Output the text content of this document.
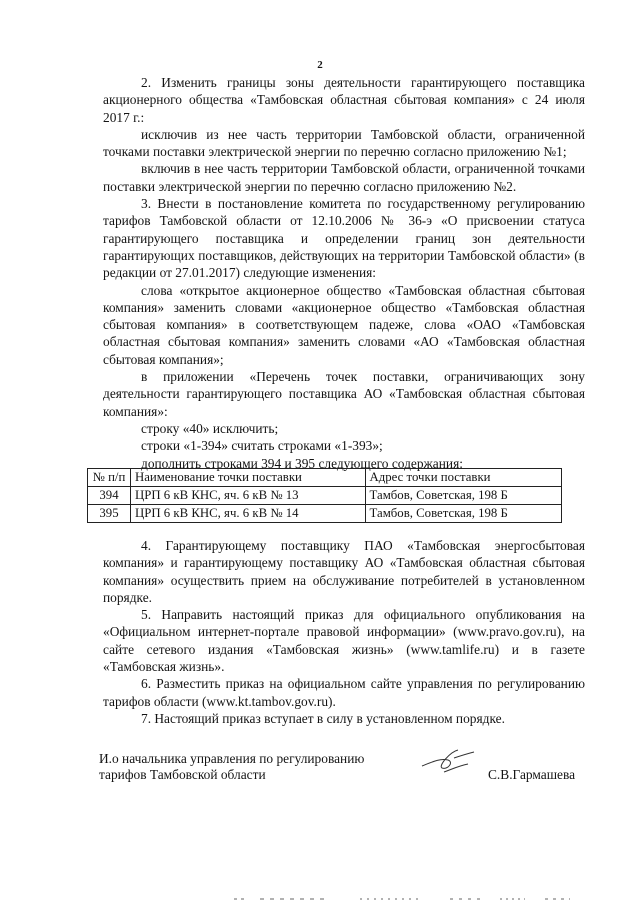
2

2. Изменить границы зоны деятельности гарантирующего поставщика акционерного общества «Тамбовская областная сбытовая компания» с 24 июля 2017 г.:

исключив из нее часть территории Тамбовской области, ограниченной точками поставки электрической энергии по перечню согласно приложению №1;

включив в нее часть территории Тамбовской области, ограниченной точками поставки электрической энергии по перечню согласно приложению №2.

3. Внести в постановление комитета по государственному регулированию тарифов Тамбовской области от 12.10.2006 № 36-э «О присвоении статуса гарантирующего поставщика и определении границ зон деятельности гарантирующих поставщиков, действующих на территории Тамбовской области» (в редакции от 27.01.2017) следующие изменения:

слова «открытое акционерное общество «Тамбовская областная сбытовая компания» заменить словами «акционерное общество «Тамбовская областная сбытовая компания» в соответствующем падеже, слова «ОАО «Тамбовская областная сбытовая компания» заменить словами «АО «Тамбовская областная сбытовая компания»;

в приложении «Перечень точек поставки, ограничивающих зону деятельности гарантирующего поставщика АО «Тамбовская областная сбытовая компания»:

строку «40» исключить;

строки «1-394» считать строками «1-393»;

дополнить строками 394 и 395 следующего содержания:

№ п/п	Наименование точки поставки	Адрес точки поставки
394	ЦРП 6 кВ КНС, яч. 6 кВ № 13	Тамбов, Советская, 198 Б
395	ЦРП 6 кВ КНС, яч. 6 кВ № 14	Тамбов, Советская, 198 Б

4. Гарантирующему поставщику ПАО «Тамбовская энергосбытовая компания» и гарантирующему поставщику АО «Тамбовская областная сбытовая компания» осуществить прием на обслуживание потребителей в установленном порядке.

5. Направить настоящий приказ для официального опубликования на «Официальном интернет-портале правовой информации» (www.pravo.gov.ru), на сайте сетевого издания «Тамбовская жизнь» (www.tamlife.ru) и в газете «Тамбовская жизнь».

6. Разместить приказ на официальном сайте управления по регулированию тарифов области (www.kt.tambov.gov.ru).

7. Настоящий приказ вступает в силу в установленном порядке.

И.о начальника управления по регулированию
тарифов Тамбовской области	С.В.Гармашева
